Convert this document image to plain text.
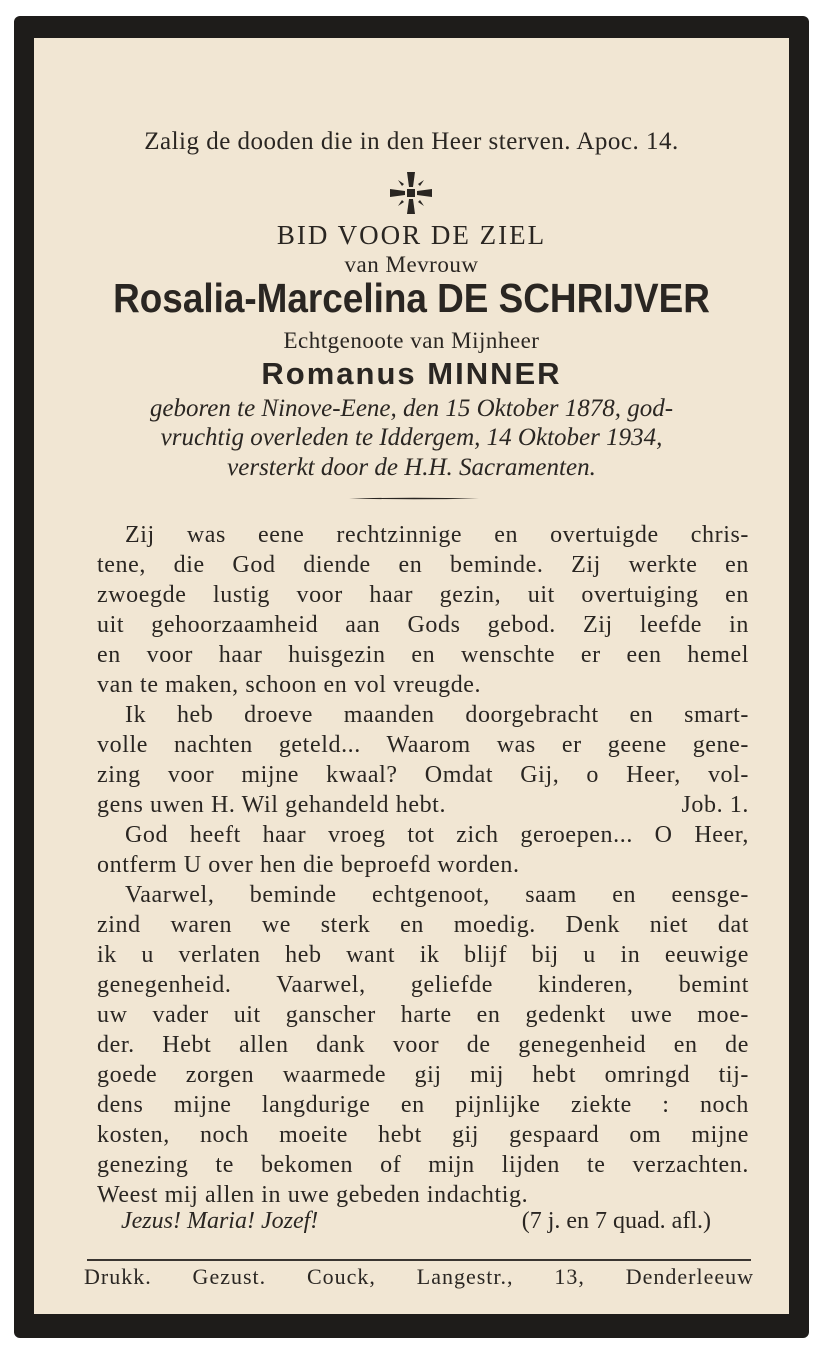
Zalig de dooden die in den Heer sterven. Apoc. 14.
BID VOOR DE ZIEL
van Mevrouw
Rosalia-Marcelina DE SCHRIJVER
Echtgenoote van Mijnheer
Romanus MINNER
geboren te Ninove-Eene, den 15 Oktober 1878, god-
vruchtig overleden te Iddergem, 14 Oktober 1934,
versterkt door de H.H. Sacramenten.
Zij was eene rechtzinnige en overtuigde chris-
tene, die God diende en beminde. Zij werkte en
zwoegde lustig voor haar gezin, uit overtuiging en
uit gehoorzaamheid aan Gods gebod. Zij leefde in
en voor haar huisgezin en wenschte er een hemel
van te maken, schoon en vol vreugde.
Ik heb droeve maanden doorgebracht en smart-
volle nachten geteld... Waarom was er geene gene-
zing voor mijne kwaal? Omdat Gij, o Heer, vol-
gens uwen H. Wil gehandeld hebt.	Job. 1.
God heeft haar vroeg tot zich geroepen... O Heer,
ontferm U over hen die beproefd worden.
Vaarwel, beminde echtgenoot, saam en eensge-
zind waren we sterk en moedig. Denk niet dat
ik u verlaten heb want ik blijf bij u in eeuwige
genegenheid. Vaarwel, geliefde kinderen, bemint
uw vader uit ganscher harte en gedenkt uwe moe-
der. Hebt allen dank voor de genegenheid en de
goede zorgen waarmede gij mij hebt omringd tij-
dens mijne langdurige en pijnlijke ziekte : noch
kosten, noch moeite hebt gij gespaard om mijne
genezing te bekomen of mijn lijden te verzachten.
Weest mij allen in uwe gebeden indachtig.
Jezus! Maria! Jozef!	(7 j. en 7 quad. afl.)
Drukk. Gezust. Couck, Langestr., 13, Denderleeuw
